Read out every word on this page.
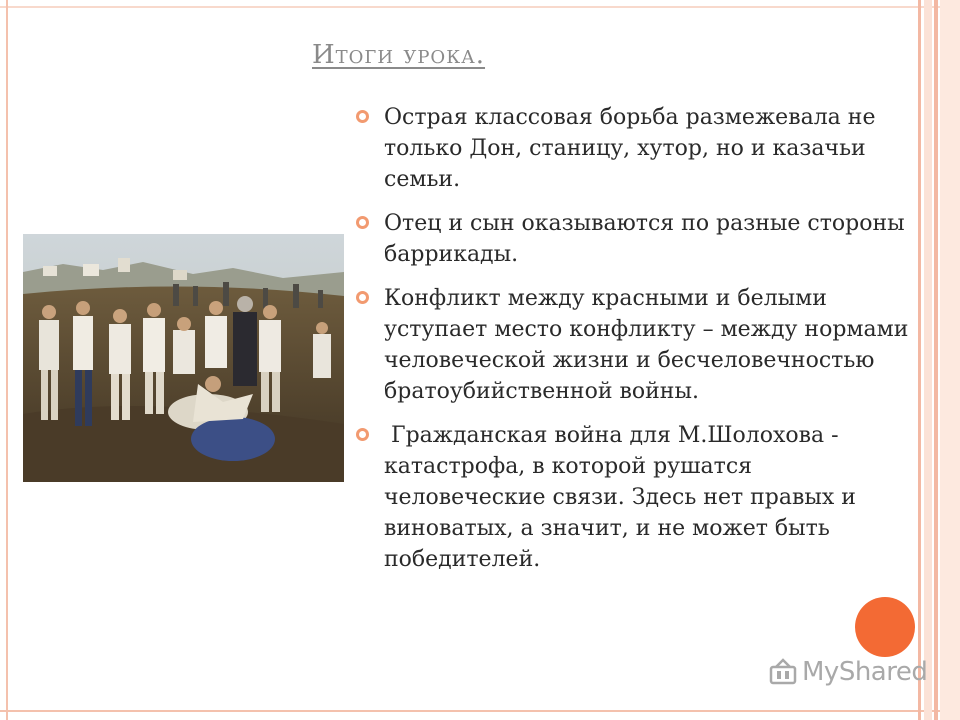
Итоги урока.
Острая классовая борьба размежевала не только Дон, станицу, хутор, но и казачьи семьи.
Отец и сын оказываются по разные стороны баррикады.
Конфликт между красными и белыми уступает место конфликту – между нормами человеческой жизни и бесчеловечностью братоубийственной войны.
Гражданская война для М.Шолохова - катастрофа, в которой рушатся человеческие связи. Здесь нет правых и виноватых, а значит, и не может быть победителей.
MyShared
